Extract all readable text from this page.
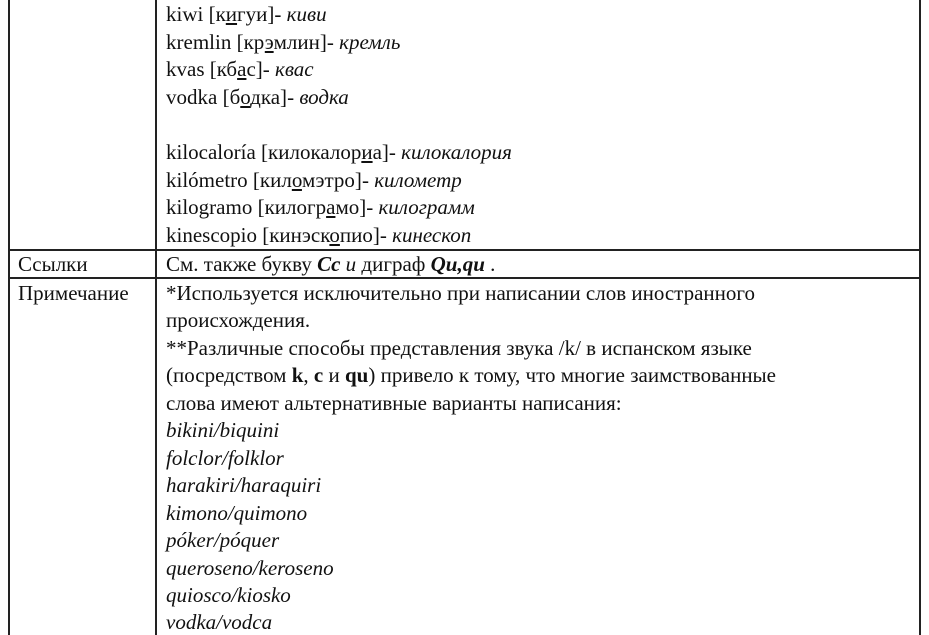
kiwi [кигуи]- киви
kremlin [крэмлин]- кремль
kvas [кбас]- квас
vodka [бодка]- водка
kilocaloría [килокалориа]- килокалория
kilómetro [киломэтро]- километр
kilogramo [килограмо]- килограмм
kinescopio [кинэскопио]- кинескоп
Ссылки	См. также букву Cc и диграф Qu,qu .
Примечание *Используется исключительно при написании слов иностранного
происхождения.
**Различные способы представления звука /k/ в испанском языке
(посредством k, c и qu) привело к тому, что многие заимствованные
слова имеют альтернативные варианты написания:
bikini/biquini
folclor/folklor
harakiri/haraquiri
kimono/quimono
póker/póquer
queroseno/keroseno
quiosco/kiosko
vodka/vodca
